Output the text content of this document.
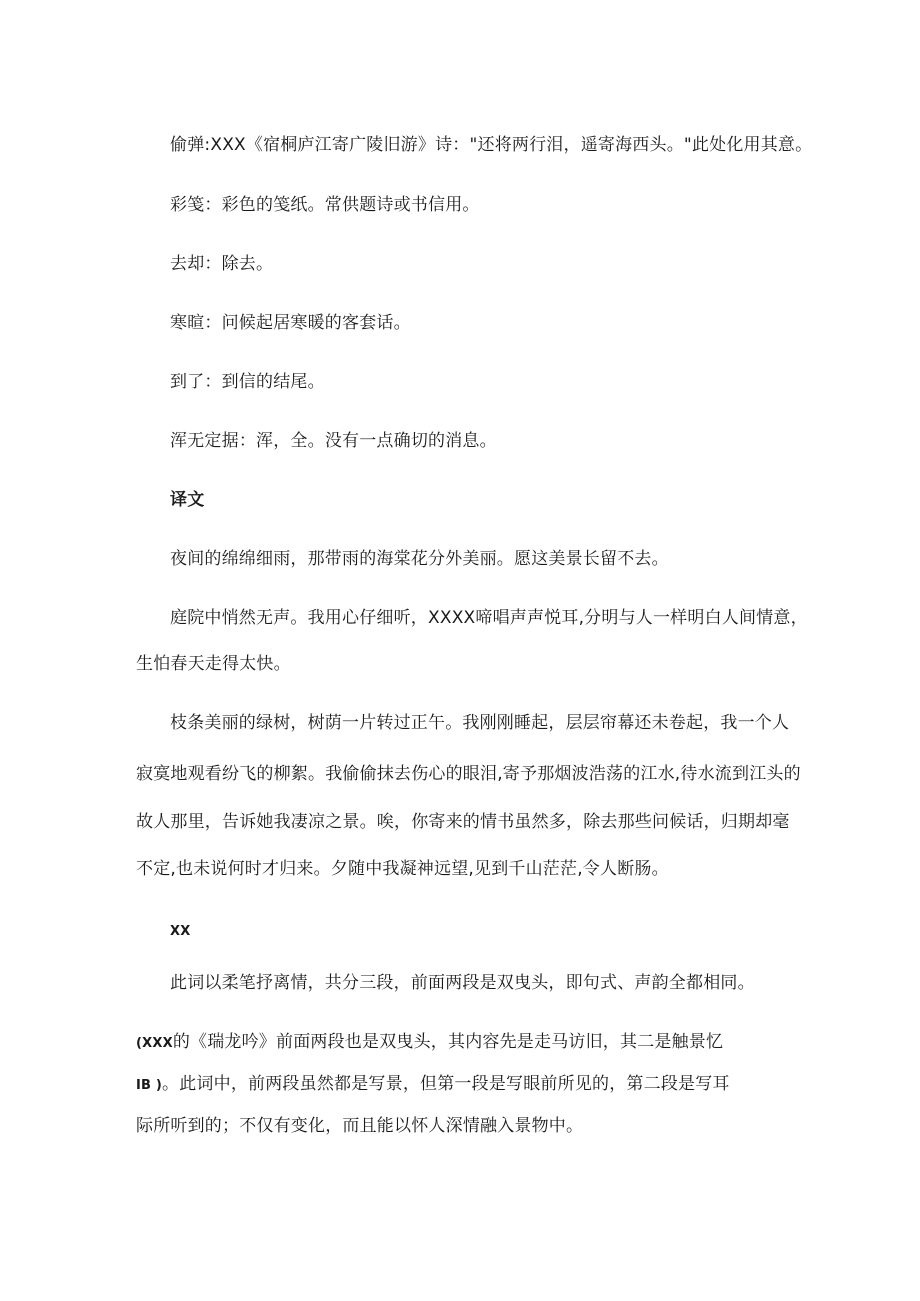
偷弹:XXX《宿桐庐江寄广陵旧游》诗："还将两行泪，遥寄海西头。"此处化用其意。
彩笺：彩色的笺纸。常供题诗或书信用。
去却：除去。
寒暄：问候起居寒暖的客套话。
到了：到信的结尾。
浑无定据：浑，全。没有一点确切的消息。
译文
夜间的绵绵细雨，那带雨的海棠花分外美丽。愿这美景长留不去。
庭院中悄然无声。我用心仔细听，XXXX啼唱声声悦耳,分明与人一样明白人间情意，
生怕春天走得太快。
枝条美丽的绿树，树荫一片转过正午。我刚刚睡起，层层帘幕还未卷起，我一个人
寂寞地观看纷飞的柳絮。我偷偷抹去伤心的眼泪,寄予那烟波浩荡的江水,待水流到江头的
故人那里，告诉她我凄凉之景。唉，你寄来的情书虽然多，除去那些问候话，归期却毫
不定,也未说何时才归来。夕随中我凝神远望,见到千山茫茫,令人断肠。
XX
此词以柔笔抒离情，共分三段，前面两段是双曳头，即句式、声韵全都相同。
(XXX的《瑞龙吟》前面两段也是双曳头，其内容先是走马访旧，其二是触景忆
IB )。此词中，前两段虽然都是写景，但第一段是写眼前所见的，第二段是写耳
际所听到的；不仅有变化，而且能以怀人深情融入景物中。
